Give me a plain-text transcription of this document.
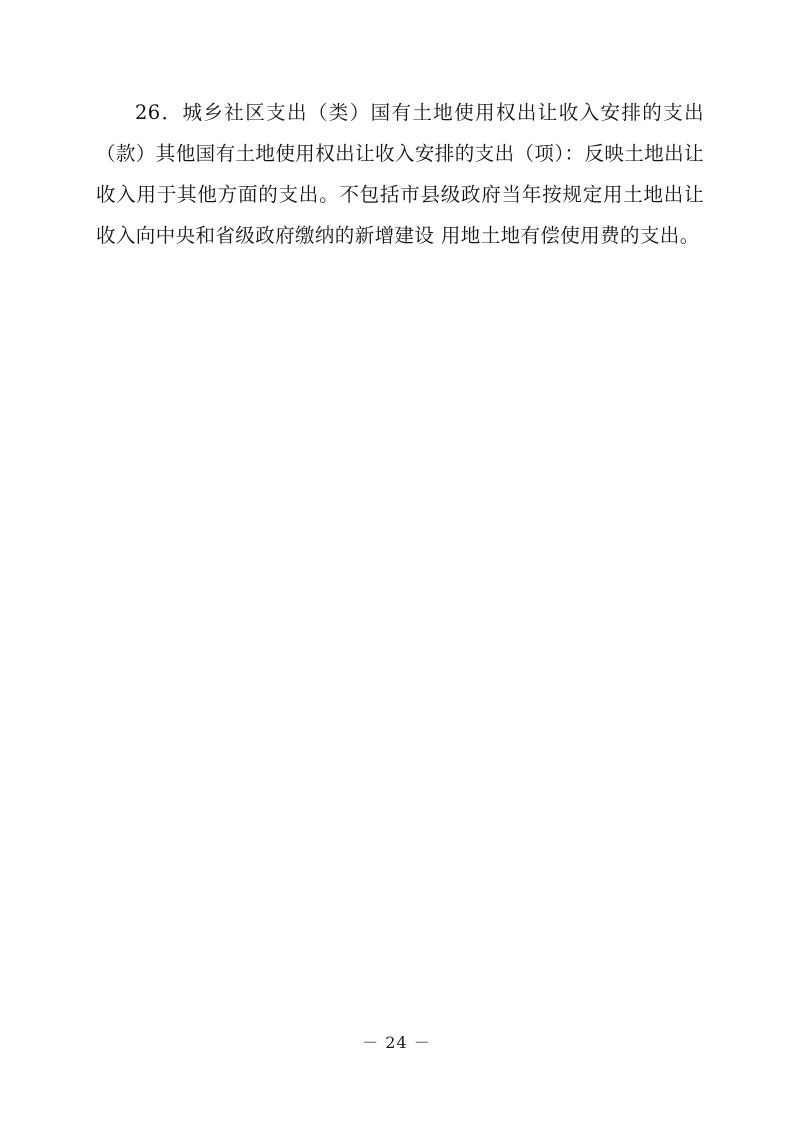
26．城乡社区支出（类）国有土地使用权出让收入安排的支出（款）其他国有土地使用权出让收入安排的支出（项）：反映土地出让收入用于其他方面的支出。不包括市县级政府当年按规定用土地出让收入向中央和省级政府缴纳的新增建设 用地土地有偿使用费的支出。

－ 24 －
